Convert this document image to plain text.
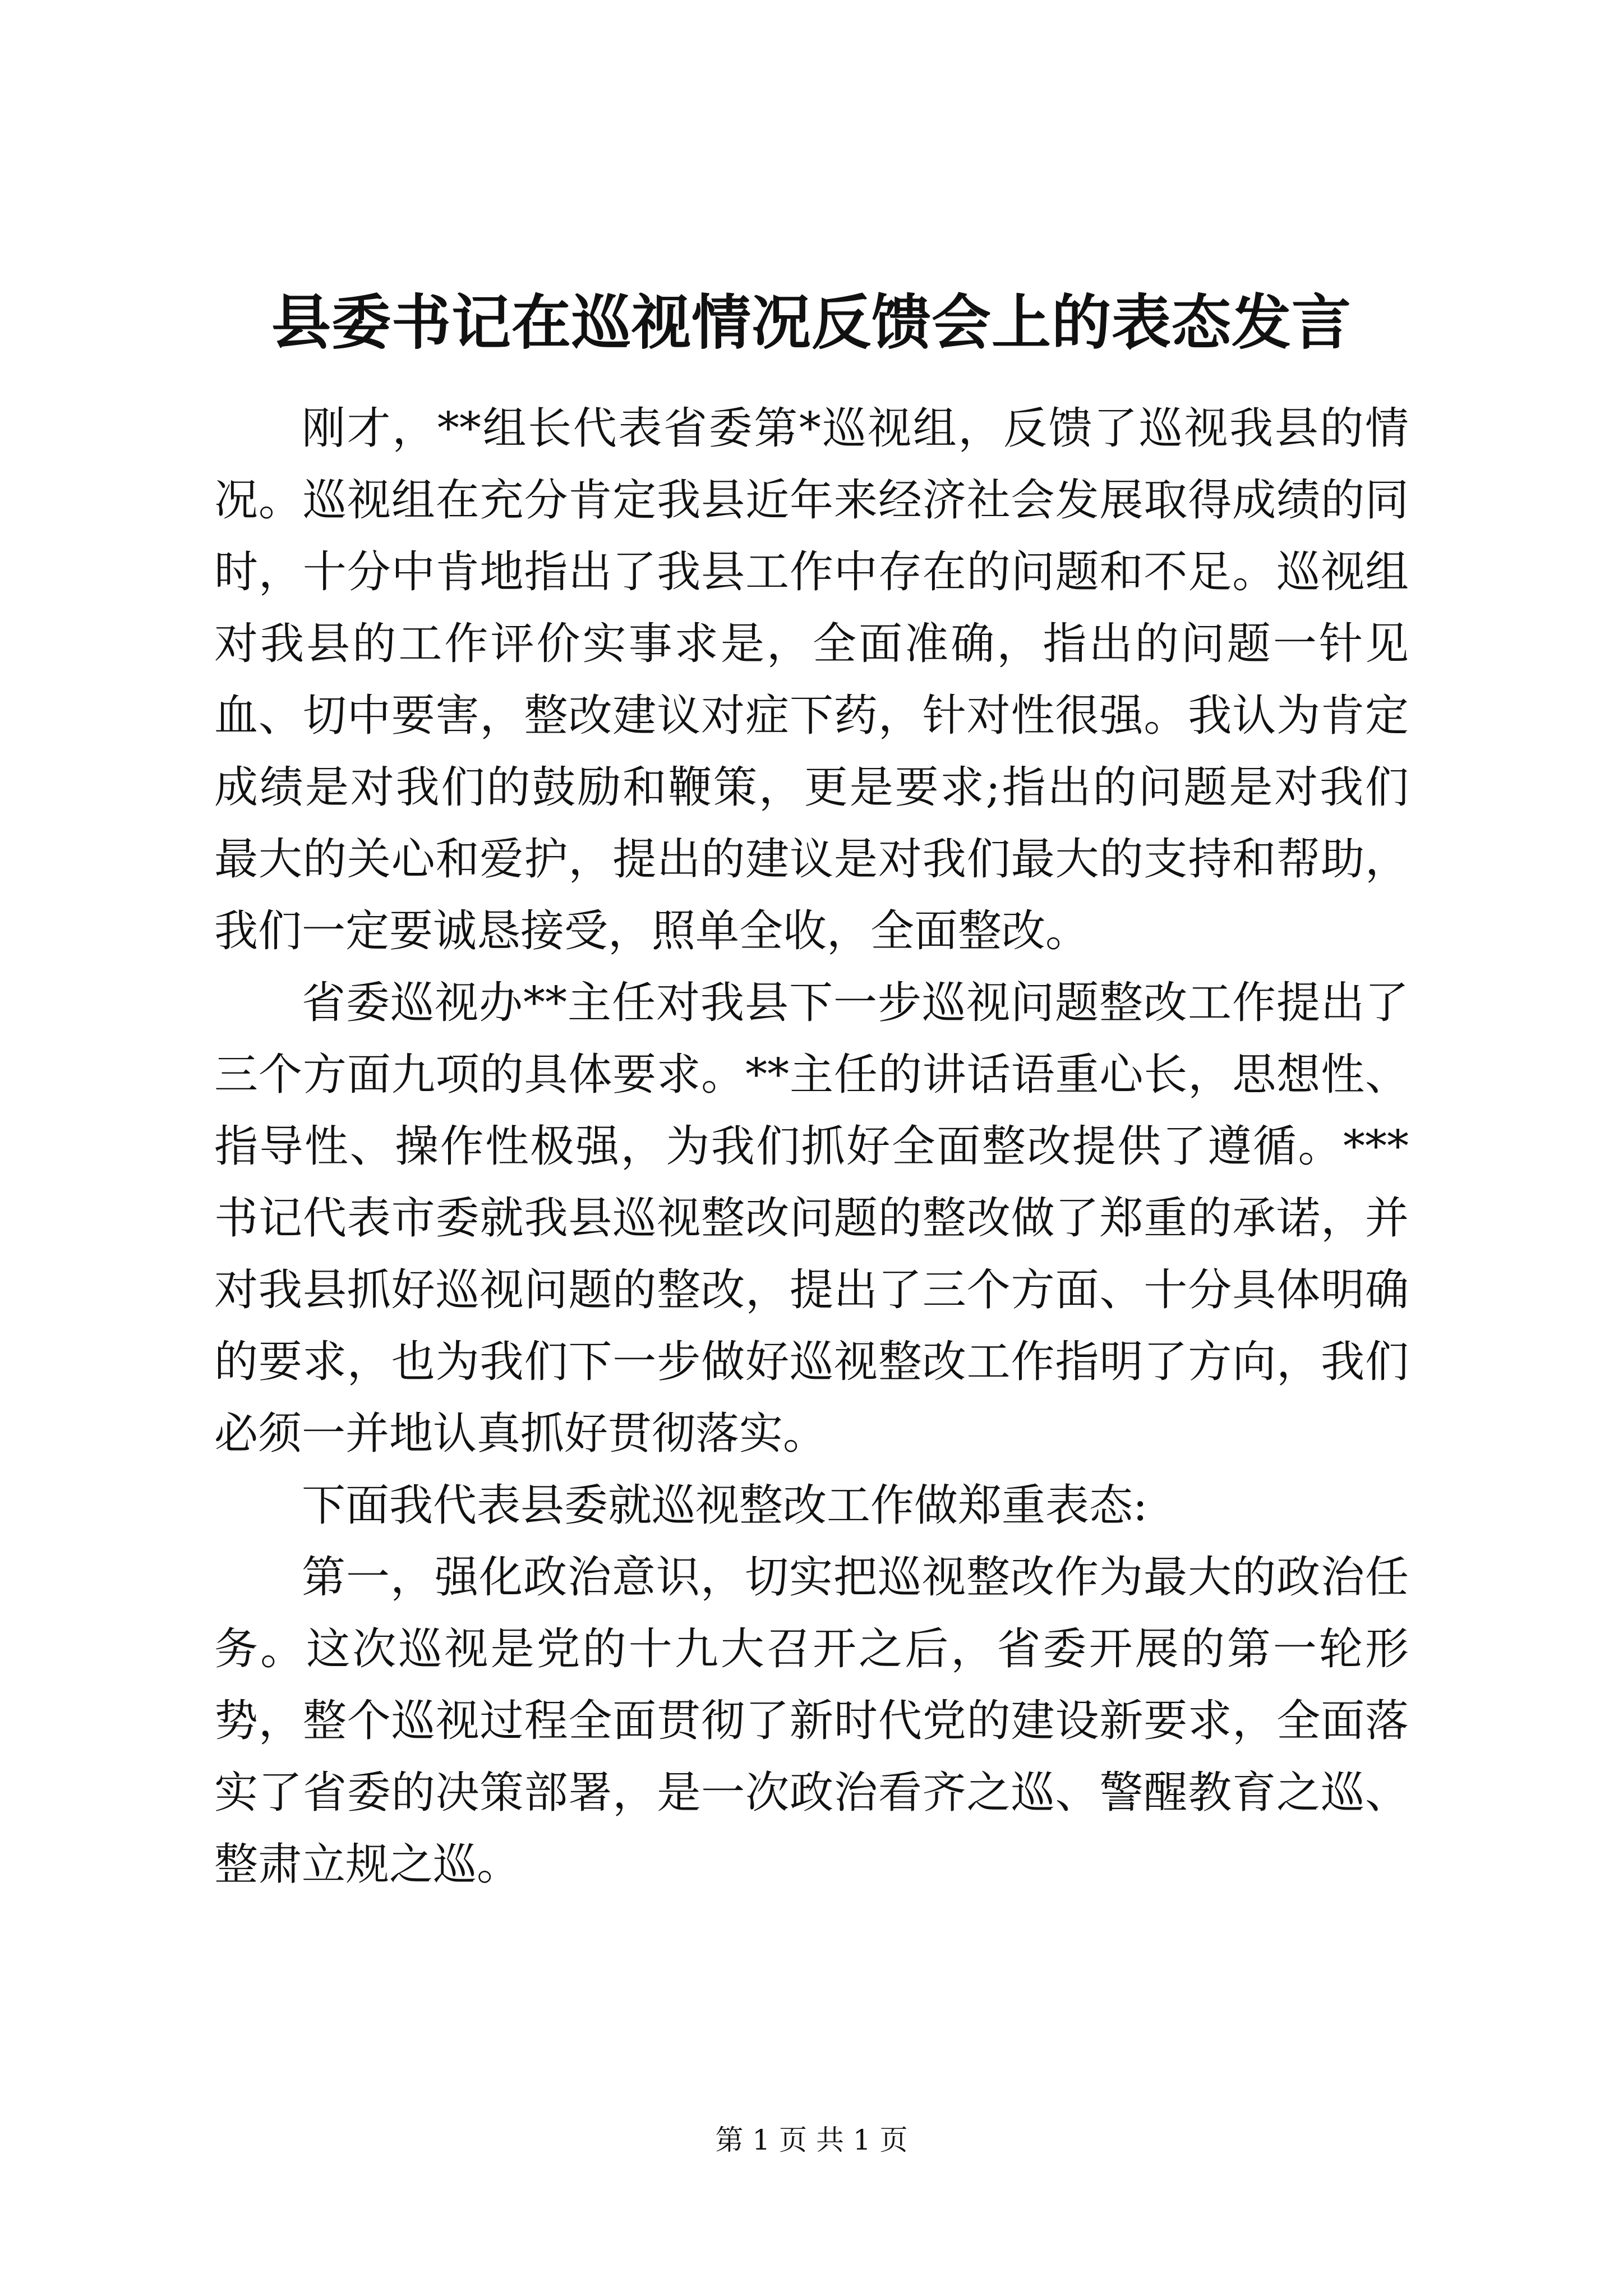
县委书记在巡视情况反馈会上的表态发言

刚才，**组长代表省委第*巡视组，反馈了巡视我县的情况。巡视组在充分肯定我县近年来经济社会发展取得成绩的同时，十分中肯地指出了我县工作中存在的问题和不足。巡视组对我县的工作评价实事求是，全面准确，指出的问题一针见血、切中要害，整改建议对症下药，针对性很强。我认为肯定成绩是对我们的鼓励和鞭策，更是要求;指出的问题是对我们最大的关心和爱护，提出的建议是对我们最大的支持和帮助，我们一定要诚恳接受，照单全收，全面整改。

省委巡视办**主任对我县下一步巡视问题整改工作提出了三个方面九项的具体要求。**主任的讲话语重心长，思想性、指导性、操作性极强，为我们抓好全面整改提供了遵循。***书记代表市委就我县巡视整改问题的整改做了郑重的承诺，并对我县抓好巡视问题的整改，提出了三个方面、十分具体明确的要求，也为我们下一步做好巡视整改工作指明了方向，我们必须一并地认真抓好贯彻落实。

下面我代表县委就巡视整改工作做郑重表态:

第一，强化政治意识，切实把巡视整改作为最大的政治任务。这次巡视是党的十九大召开之后，省委开展的第一轮形势，整个巡视过程全面贯彻了新时代党的建设新要求，全面落实了省委的决策部署，是一次政治看齐之巡、警醒教育之巡、整肃立规之巡。

第 1 页 共 1 页
